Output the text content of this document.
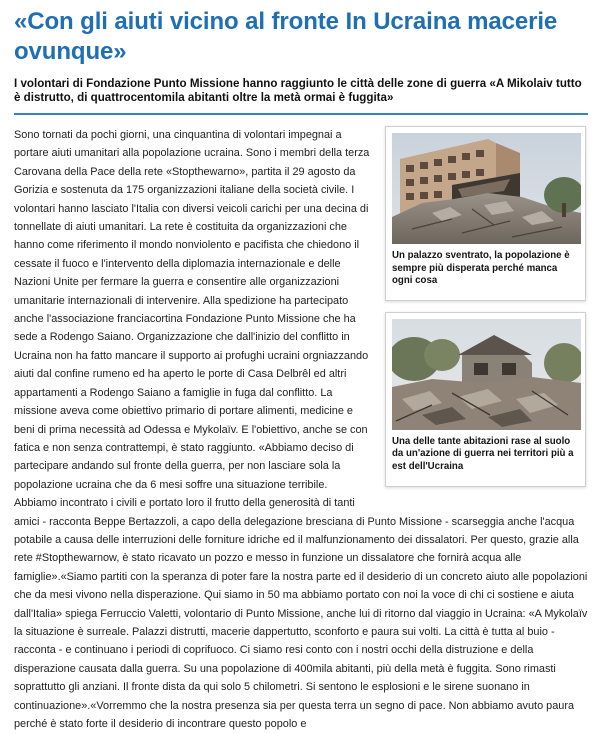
«Con gli aiuti vicino al fronte In Ucraina macerie ovunque»
I volontari di Fondazione Punto Missione hanno raggiunto le città delle zone di guerra «A Mikolaiv tutto è distrutto, di quattrocentomila abitanti oltre la metà ormai è fuggita»
Un palazzo sventrato, la popolazione è sempre più disperata perché manca ogni cosa
Una delle tante abitazioni rase al suolo da un'azione di guerra nei territori più a est dell'Ucraina

Sono tornati da pochi giorni, una cinquantina di volontari impegnai a portare aiuti umanitari alla popolazione ucraina. Sono i membri della terza Carovana della Pace della rete «Stopthewarno», partita il 29 agosto da Gorizia e sostenuta da 175 organizzazioni italiane della società civile. I volontari hanno lasciato l'Italia con diversi veicoli carichi per una decina di tonnellate di aiuti umanitari. La rete è costituita da organizzazioni che hanno come riferimento il mondo nonviolento e pacifista che chiedono il cessate il fuoco e l'intervento della diplomazia internazionale e delle Nazioni Unite per fermare la guerra e consentire alle organizzazioni umanitarie internazionali di intervenire. Alla spedizione ha partecipato anche l'associazione franciacortina Fondazione Punto Missione che ha sede a Rodengo Saiano. Organizzazione che dall'inizio del conflitto in Ucraina non ha fatto mancare il supporto ai profughi ucraini orgniazzando aiuti dal confine rumeno ed ha aperto le porte di Casa Delbrêl ed altri appartamenti a Rodengo Saiano a famiglie in fuga dal conflitto. La missione aveva come obiettivo primario di portare alimenti, medicine e beni di prima necessità ad Odessa e Mykolaïv. E l'obiettivo, anche se con fatica e non senza contrattempi, è stato raggiunto. «Abbiamo deciso di partecipare andando sul fronte della guerra, per non lasciare sola la popolazione ucraina che da 6 mesi soffre una situazione terribile. Abbiamo incontrato i civili e portato loro il frutto della generosità di tanti amici - racconta Beppe Bertazzoli, a capo della delegazione bresciana di Punto Missione - scarseggia anche l'acqua potabile a causa delle interruzioni delle forniture idriche ed il malfunzionamento dei dissalatori. Per questo, grazie alla rete #Stopthewarnow, è stato ricavato un pozzo e messo in funzione un dissalatore che fornirà acqua alle famiglie».«Siamo partiti con la speranza di poter fare la nostra parte ed il desiderio di un concreto aiuto alle popolazioni che da mesi vivono nella disperazione. Qui siamo in 50 ma abbiamo portato con noi la voce di chi ci sostiene e aiuta dall'Italia» spiega Ferruccio Valetti, volontario di Punto Missione, anche lui di ritorno dal viaggio in Ucraina: «A Mykolaïv la situazione è surreale. Palazzi distrutti, macerie dappertutto, sconforto e paura sui volti. La città è tutta al buio - racconta - e continuano i periodi di coprifuoco. Ci siamo resi conto con i nostri occhi della distruzione e della disperazione causata dalla guerra. Su una popolazione di 400mila abitanti, più della metà è fuggita. Sono rimasti soprattutto gli anziani. Il fronte dista da qui solo 5 chilometri. Si sentono le esplosioni e le sirene suonano in continuazione».«Vorremmo che la nostra presenza sia per questa terra un segno di pace. Non abbiamo avuto paura perché è stato forte il desiderio di incontrare questo popolo e
